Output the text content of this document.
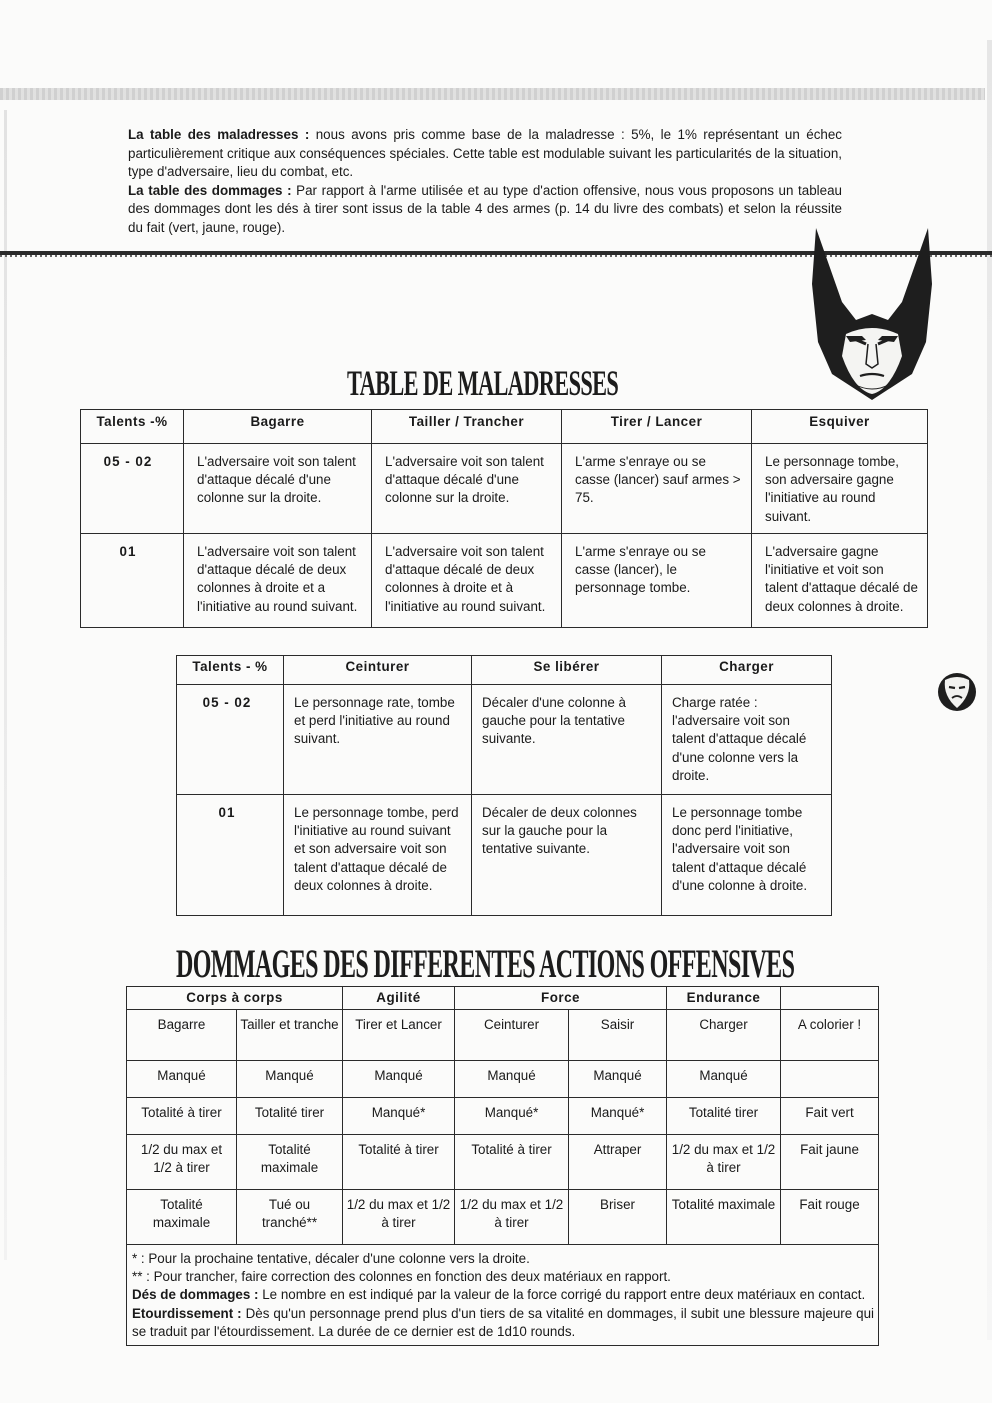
La table des maladresses : nous avons pris comme base de la maladresse : 5%, le 1% représentant un échec particulièrement critique aux conséquences spéciales. Cette table est modulable suivant les particularités de la situation, type d'adversaire, lieu du combat, etc.

La table des dommages : Par rapport à l'arme utilisée et au type d'action offensive, nous vous proposons un tableau des dommages dont les dés à tirer sont issus de la table 4 des armes (p. 14 du livre des combats) et selon la réussite du fait (vert, jaune, rouge).

TABLE DE MALADRESSES
Talents -%	Bagarre	Tailler / Trancher	Tirer / Lancer	Esquiver
05 - 02	L'adversaire voit son talent d'attaque décalé d'une colonne sur la droite.	L'adversaire voit son talent d'attaque décalé d'une colonne sur la droite.	L'arme s'enraye ou se casse (lancer) sauf armes > 75.	Le personnage tombe, son adversaire gagne l'initiative au round suivant.
01	L'adversaire voit son talent d'attaque décalé de deux colonnes à droite et a l'initiative au round suivant.	L'adversaire voit son talent d'attaque décalé de deux colonnes à droite et à l'initiative au round suivant.	L'arme s'enraye ou se casse (lancer), le personnage tombe.	L'adversaire gagne l'initiative et voit son talent d'attaque décalé de deux colonnes à droite.
Talents - %	Ceinturer	Se libérer	Charger
05 - 02	Le personnage rate, tombe et perd l'initiative au round suivant.	Décaler d'une colonne à gauche pour la tentative suivante.	Charge ratée : l'adversaire voit son talent d'attaque décalé d'une colonne vers la droite.
01	Le personnage tombe, perd l'initiative au round suivant et son adversaire voit son talent d'attaque décalé de deux colonnes à droite.	Décaler de deux colonnes sur la gauche pour la tentative suivante.	Le personnage tombe donc perd l'initiative, l'adversaire voit son talent d'attaque décalé d'une colonne à droite.
DOMMAGES DES DIFFERENTES ACTIONS OFFENSIVES
Corps à corps		Agilité	Force		Endurance	
Bagarre	Tailler et tranche	Tirer et Lancer	Ceinturer	Saisir	Charger	A colorier !
Manqué	Manqué	Manqué	Manqué	Manqué	Manqué	
Totalité à tirer	Totalité tirer	Manqué*	Manqué*	Manqué*	Totalité tirer	Fait vert
1/2 du max et 1/2 à tirer	Totalité maximale	Totalité à tirer	Totalité à tirer	Attraper	1/2 du max et 1/2 à tirer	Fait jaune
Totalité maximale	Tué ou tranché**	1/2 du max et 1/2 à tirer	1/2 du max et 1/2 à tirer	Briser	Totalité maximale	Fait rouge

* : Pour la prochaine tentative, décaler d'une colonne vers la droite.

** : Pour trancher, faire correction des colonnes en fonction des deux matériaux en rapport.

Dés de dommages : Le nombre en est indiqué par la valeur de la force corrigé du rapport entre deux matériaux en contact.

Etourdissement : Dès qu'un personnage prend plus d'un tiers de sa vitalité en dommages, il subit une blessure majeure qui se traduit par l'étourdissement. La durée de ce dernier est de 1d10 rounds.						
